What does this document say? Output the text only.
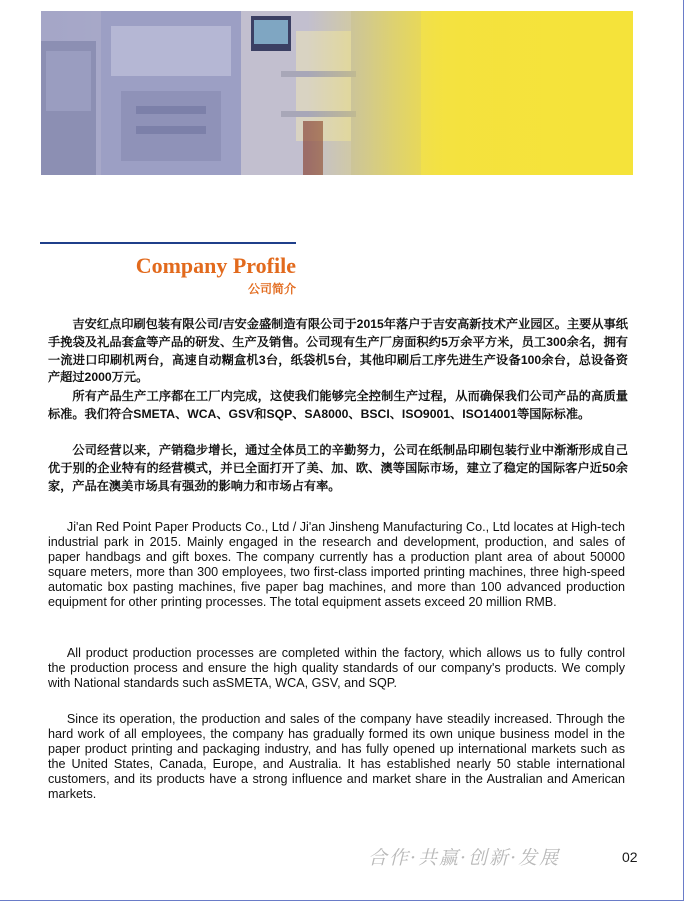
Company Profile
公司简介

吉安红点印刷包装有限公司/吉安金盛制造有限公司于2015年落户于吉安高新技术产业园区。主要从事纸手挽袋及礼品套盒等产品的研发、生产及销售。公司现有生产厂房面积约5万余平方米，员工300余名，拥有一流进口印刷机两台，高速自动糊盒机3台，纸袋机5台，其他印刷后工序先进生产设备100余台，总设备资产超过2000万元。

所有产品生产工序都在工厂内完成，这使我们能够完全控制生产过程，从而确保我们公司产品的高质量标准。我们符合SMETA、WCA、GSV和SQP、SA8000、BSCI、ISO9001、ISO14001等国际标准。

公司经营以来，产销稳步增长，通过全体员工的辛勤努力，公司在纸制品印刷包装行业中渐渐形成自己优于别的企业特有的经营模式，并已全面打开了美、加、欧、澳等国际市场，建立了稳定的国际客户近50余家，产品在澳美市场具有强劲的影响力和市场占有率。

Ji'an Red Point Paper Products Co., Ltd / Ji'an Jinsheng Manufacturing Co., Ltd locates at High-tech industrial park in 2015. Mainly engaged in the research and development, production, and sales of paper handbags and gift boxes. The company currently has a production plant area of about 50000 square meters, more than 300 employees, two first-class imported printing machines, three high-speed automatic box pasting machines, five paper bag machines, and more than 100 advanced production equipment for other printing processes. The total equipment assets exceed 20 million RMB.

All product production processes are completed within the factory, which allows us to fully control the production process and ensure the high quality standards of our company's products. We comply with National standards such asSMETA, WCA, GSV, and SQP.

Since its operation, the production and sales of the company have steadily increased. Through the hard work of all employees, the company has gradually formed its own unique business model in the paper product printing and packaging industry, and has fully opened up international markets such as the United States, Canada, Europe, and Australia. It has established nearly 50 stable international customers, and its products have a strong influence and market share in the Australian and American markets.

合作·共赢·创新·发展	02
